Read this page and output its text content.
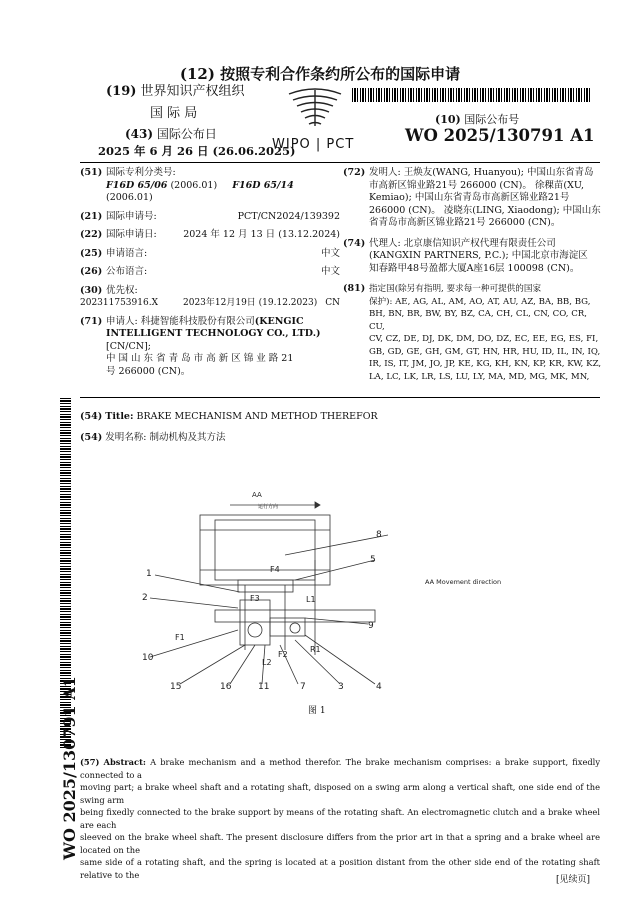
(12) 按照专利合作条约所公布的国际申请
(19) 世界知识产权组织
国 际 局
(43) 国际公布日
2025 年 6 月 26 日 (26.06.2025)
WIPO | PCT
(10) 国际公布号
WO 2025/130791 A1
(51) 国际专利分类号:
F16D 65/06 (2006.01) F16D 65/14 (2006.01)
(21) 国际申请号:	PCT/CN2024/139392
(22) 国际申请日:	2024 年 12 月 13 日 (13.12.2024)
(25) 申请语言:	中文
(26) 公布语言:	中文
(30) 优先权:
202311753916.X	2023年12月19日 (19.12.2023) CN
(71) 申请人: 科捷智能科技股份有限公司(KENGIC
INTELLIGENT TECHNOLOGY CO., LTD.) [CN/CN];
中 国 山 东 省 青 岛 市 高 新 区 锦 业 路 21
号 266000 (CN)。
(72) 发明人: 王焕友(WANG, Huanyou); 中国山东省青岛
市高新区锦业路21号 266000 (CN)。 徐稞苗(XU,
Kemiao); 中国山东省青岛市高新区锦业路21号
266000 (CN)。 凌晓东(LING, Xiaodong); 中国山东
省青岛市高新区锦业路21号 266000 (CN)。
(74) 代理人: 北京康信知识产权代理有限责任公司
(KANGXIN PARTNERS, P.C.); 中国北京市海淀区
知春路甲48号盈都大厦A座16层 100098 (CN)。
(81) 指定国(除另有指明, 要求每一种可提供的国家
保护): AE, AG, AL, AM, AO, AT, AU, AZ, BA, BB, BG,
BH, BN, BR, BW, BY, BZ, CA, CH, CL, CN, CO, CR, CU,
CV, CZ, DE, DJ, DK, DM, DO, DZ, EC, EE, EG, ES, FI,
GB, GD, GE, GH, GM, GT, HN, HR, HU, ID, IL, IN, IQ,
IR, IS, IT, JM, JO, JP, KE, KG, KH, KN, KP, KR, KW, KZ,
LA, LC, LK, LR, LS, LU, LY, MA, MD, MG, MK, MN,
(54) Title: BRAKE MECHANISM AND METHOD THEREFOR
(54) 发明名称: 制动机构及其方法
AA
运行方向
AA Movement direction
F4
F3
F1
F2
L1
L2
R1
1
2
3	4
5
7
8
9
10
11
15	16
图 1
(57) Abstract: A brake mechanism and a method therefor. The brake mechanism comprises: a brake support, fixedly connected to a
moving part; a brake wheel shaft and a rotating shaft, disposed on a swing arm along a vertical shaft, one side end of the swing arm
being fixedly connected to the brake support by means of the rotating shaft. An electromagnetic clutch and a brake wheel are each
sleeved on the brake wheel shaft. The present disclosure differs from the prior art in that a spring and a brake wheel are located on the
same side of a rotating shaft, and the spring is located at a position distant from the other side end of the rotating shaft relative to the
WO 2025/130791 A1
[见续页]
